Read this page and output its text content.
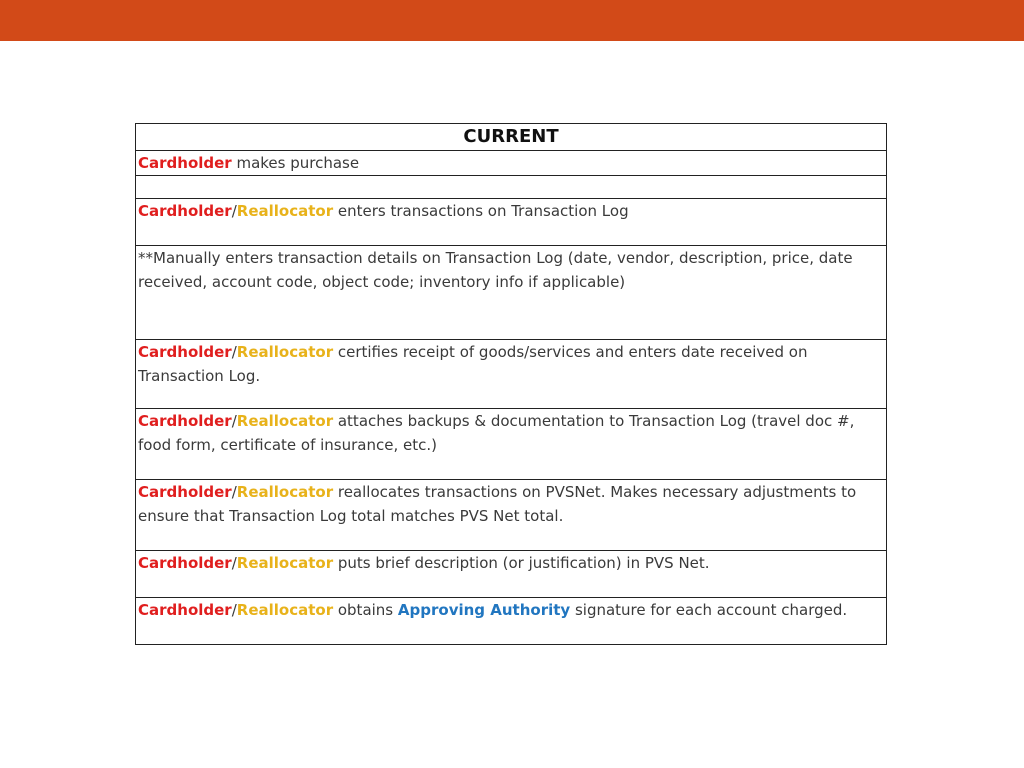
CURRENT
Cardholder makes purchase

Cardholder/Reallocator enters transactions on Transaction Log
**Manually enters transaction details on Transaction Log (date, vendor, description, price, date received, account code, object code; inventory info if applicable)
Cardholder/Reallocator certifies receipt of goods/services and enters date received on Transaction Log.
Cardholder/Reallocator attaches backups & documentation to Transaction Log (travel doc #, food form, certificate of insurance, etc.)
Cardholder/Reallocator reallocates transactions on PVSNet. Makes necessary adjustments to ensure that Transaction Log total matches PVS Net total.
Cardholder/Reallocator puts brief description (or justification) in PVS Net.
Cardholder/Reallocator obtains Approving Authority signature for each account charged.
